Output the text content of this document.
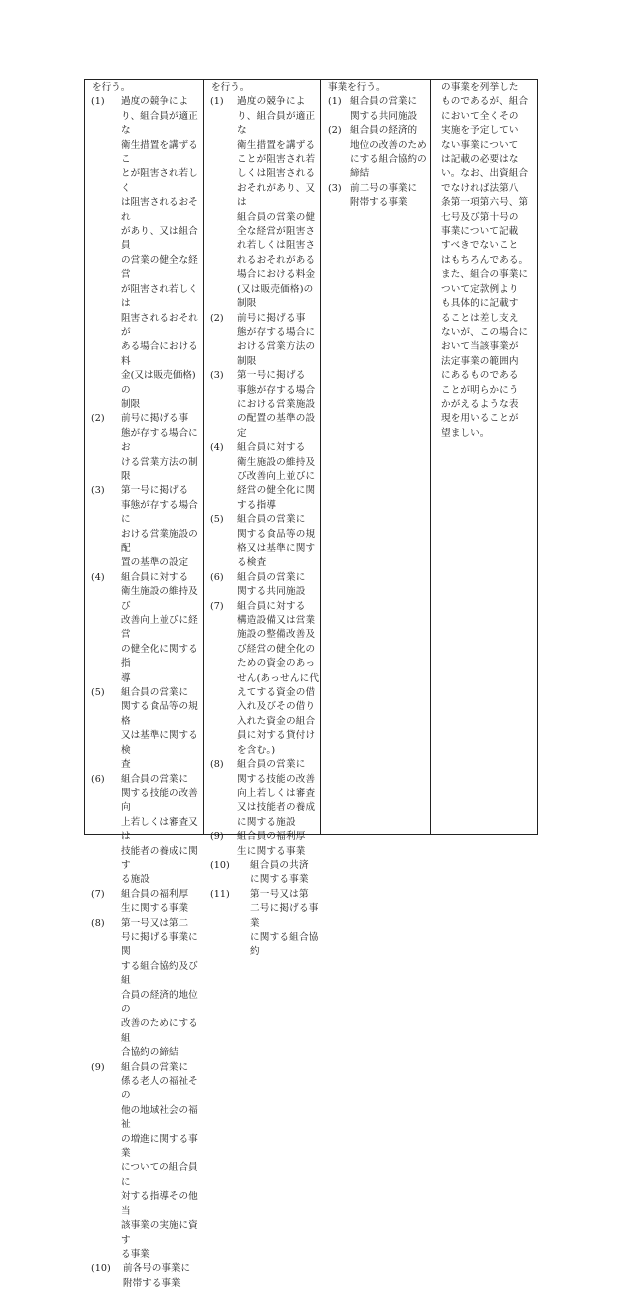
を行う。
(1)	過度の競争によ
り、組合員が適正な
衛生措置を講ずるこ
とが阻害され若しく
は阻害されるおそれ
があり、又は組合員
の営業の健全な経営
が阻害され若しくは
阻害されるおそれが
ある場合における料
金(又は販売価格)の
制限
(2)	前号に掲げる事
態が存する場合にお
ける営業方法の制限
(3)	第一号に掲げる
事態が存する場合に
おける営業施設の配
置の基準の設定
(4)	組合員に対する
衛生施設の維持及び
改善向上並びに経営
の健全化に関する指
導
(5)	組合員の営業に
関する食品等の規格
又は基準に関する検
査
(6)	組合員の営業に
関する技能の改善向
上若しくは審査又は
技能者の養成に関す
る施設
(7)	組合員の福利厚
生に関する事業
(8)	第一号又は第二
号に掲げる事業に関
する組合協約及び組
合員の経済的地位の
改善のためにする組
合協約の締結
(9)	組合員の営業に
係る老人の福祉その
他の地域社会の福祉
の増進に関する事業
についての組合員に
対する指導その他当
該事業の実施に資す
る事業
(10)	前各号の事業に
附帯する事業
を行う。
(1)	過度の競争によ
り、組合員が適正な
衛生措置を講ずる
ことが阻害され若
しくは阻害される
おそれがあり、又は
組合員の営業の健
全な経営が阻害さ
れ若しくは阻害さ
れるおそれがある
場合における料金
(又は販売価格)の
制限
(2)	前号に掲げる事
態が存する場合に
おける営業方法の
制限
(3)	第一号に掲げる
事態が存する場合
における営業施設
の配置の基準の設
定
(4)	組合員に対する
衛生施設の維持及
び改善向上並びに
経営の健全化に関
する指導
(5)	組合員の営業に
関する食品等の規
格又は基準に関す
る検査
(6)	組合員の営業に
関する共同施設
(7)	組合員に対する
構造設備又は営業
施設の整備改善及
び経営の健全化の
ための資金のあっ
せん(あっせんに代
えてする資金の借
入れ及びその借り
入れた資金の組合
員に対する貸付け
を含む。)
(8)	組合員の営業に
関する技能の改善
向上若しくは審査
又は技能者の養成
に関する施設
(9)	組合員の福利厚
生に関する事業
(10)	組合員の共済
に関する事業
(11)	第一号又は第
二号に掲げる事業
に関する組合協約
事業を行う。
(1) 組合員の営業に
関する共同施設
(2) 組合員の経済的
地位の改善のため
にする組合協約の
締結
(3) 前二号の事業に
附帯する事業
の事業を列挙した
ものであるが、組合
において全くその
実施を予定してい
ない事業について
は記載の必要はな
い。なお、出資組合
でなければ法第八
条第一項第六号、第
七号及び第十号の
事業について記載
すべきでないこと
はもちろんである。
また、組合の事業に
ついて定款例より
も具体的に記載す
ることは差し支え
ないが、この場合に
おいて当該事業が
法定事業の範囲内
にあるものである
ことが明らかにう
かがえるような表
現を用いることが
望ましい。
